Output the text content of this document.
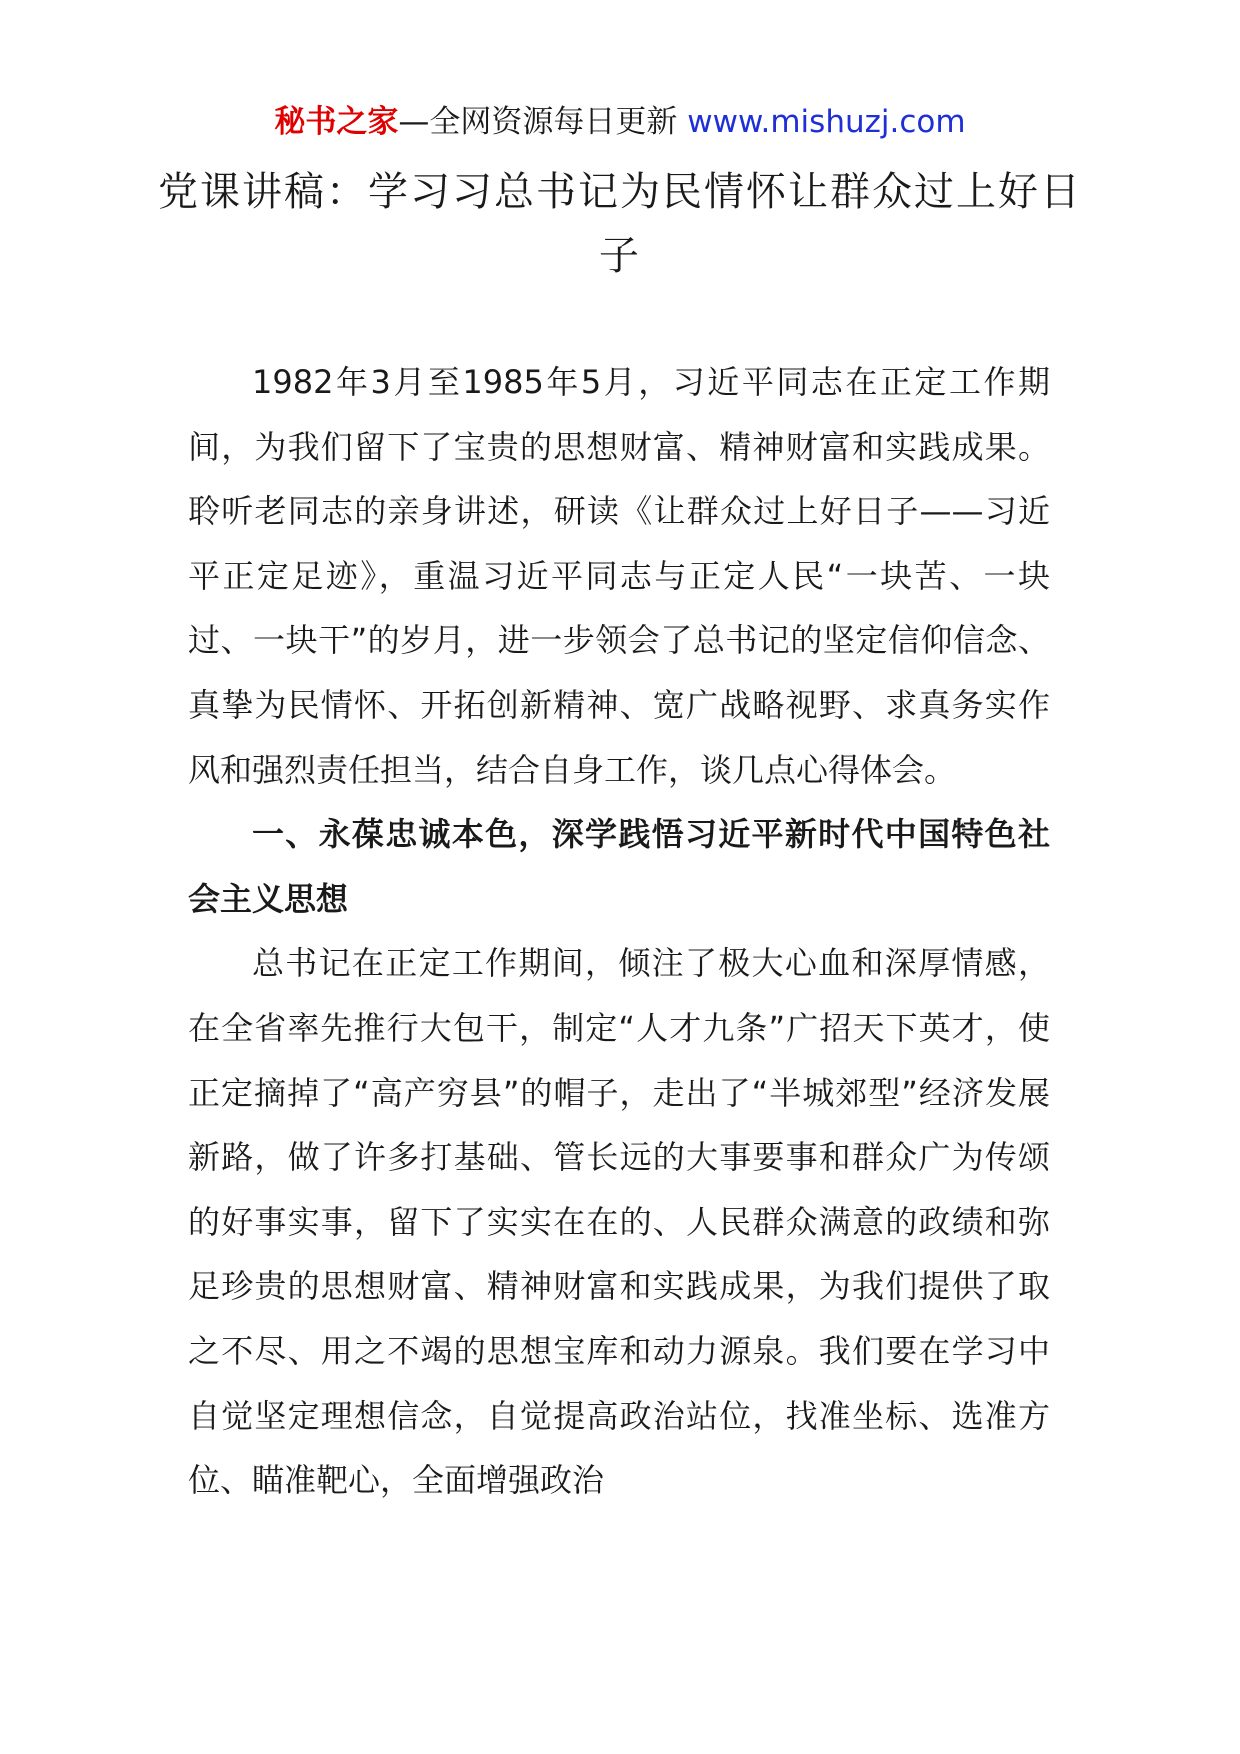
秘书之家—全网资源每日更新 www.mishuzj.com
党课讲稿：学习习总书记为民情怀让群众过上好日子

1982年3月至1985年5月，习近平同志在正定工作期间，为我们留下了宝贵的思想财富、精神财富和实践成果。聆听老同志的亲身讲述，研读《让群众过上好日子——习近平正定足迹》，重温习近平同志与正定人民“一块苦、一块过、一块干”的岁月，进一步领会了总书记的坚定信仰信念、真挚为民情怀、开拓创新精神、宽广战略视野、求真务实作风和强烈责任担当，结合自身工作，谈几点心得体会。

一、永葆忠诚本色，深学践悟习近平新时代中国特色社会主义思想

总书记在正定工作期间，倾注了极大心血和深厚情感，在全省率先推行大包干，制定“人才九条”广招天下英才，使正定摘掉了“高产穷县”的帽子，走出了“半城郊型”经济发展新路，做了许多打基础、管长远的大事要事和群众广为传颂的好事实事，留下了实实在在的、人民群众满意的政绩和弥足珍贵的思想财富、精神财富和实践成果，为我们提供了取之不尽、用之不竭的思想宝库和动力源泉。我们要在学习中自觉坚定理想信念，自觉提高政治站位，找准坐标、选准方位、瞄准靶心，全面增强政治
